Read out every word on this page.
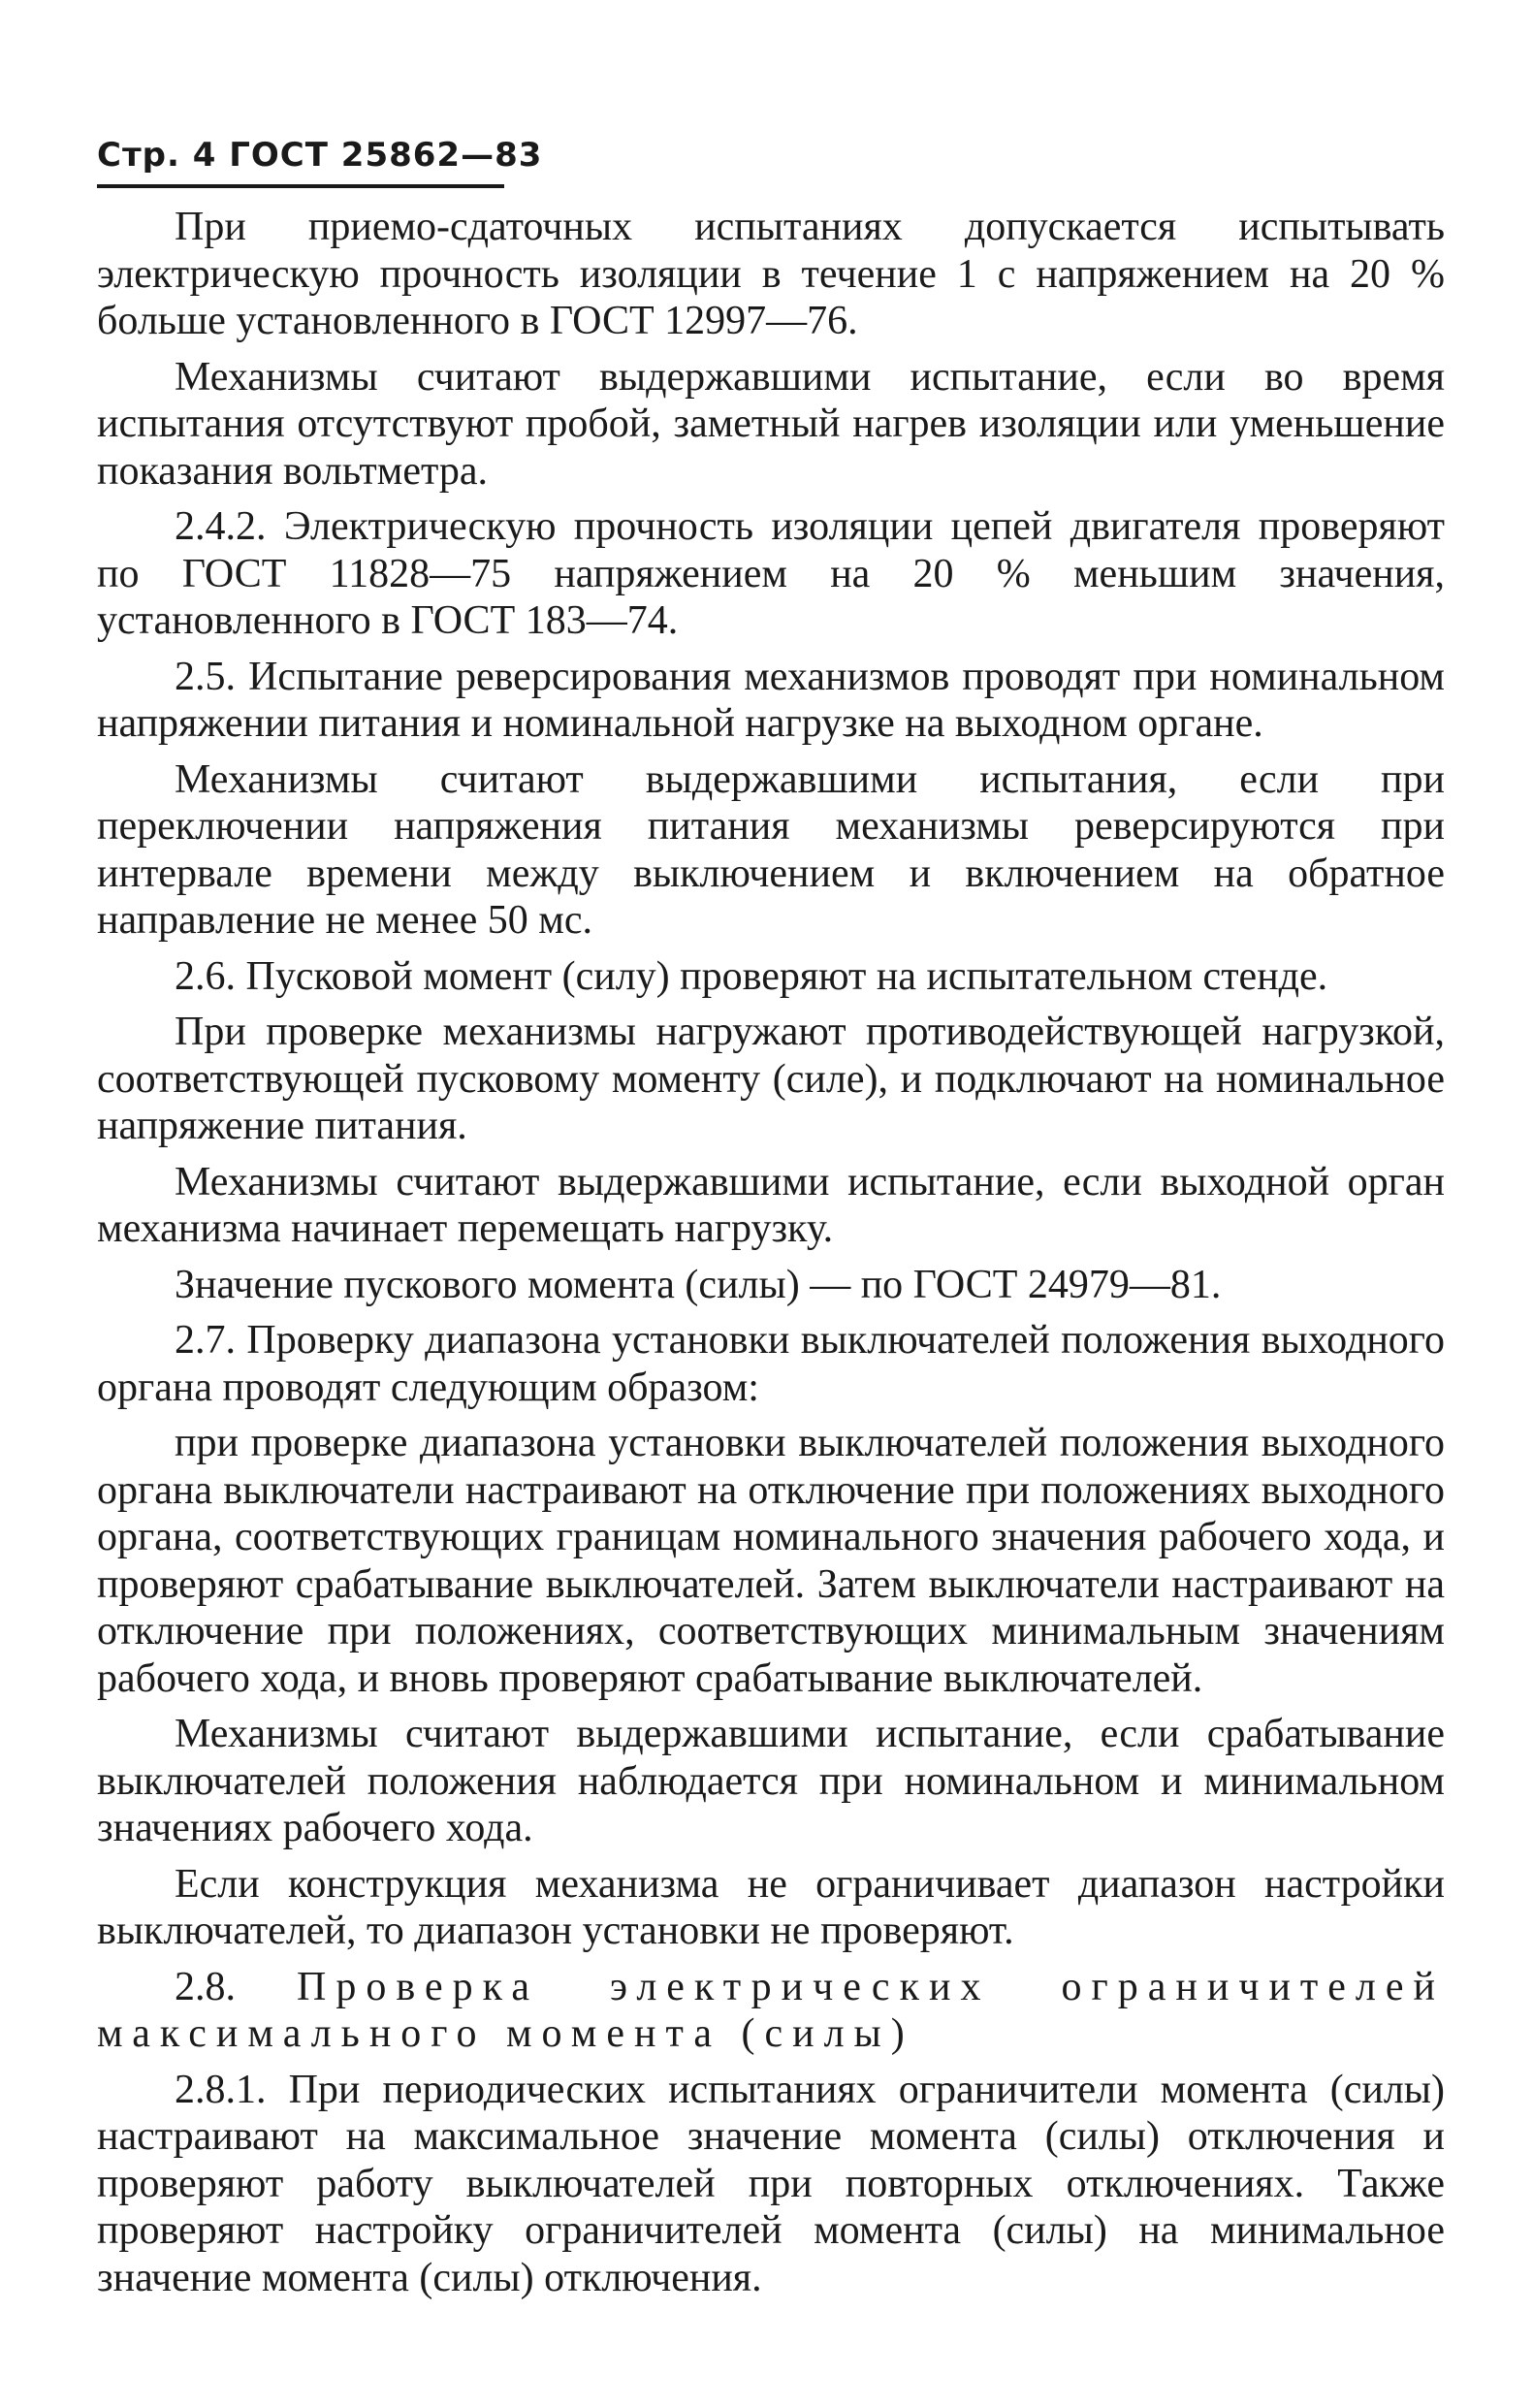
Стр. 4 ГОСТ 25862—83

При приемо-сдаточных испытаниях допускается испытывать электрическую прочность изоляции в течение 1 с напряжением на 20 % больше установленного в ГОСТ 12997—76.

Механизмы считают выдержавшими испытание, если во время испытания отсутствуют пробой, заметный нагрев изоляции или уменьшение показания вольтметра.

2.4.2. Электрическую прочность изоляции цепей двигателя проверяют по ГОСТ 11828—75 напряжением на 20 % меньшим значения, установленного в ГОСТ 183—74.

2.5. Испытание реверсирования механизмов проводят при номинальном напряжении питания и номинальной нагрузке на выходном органе.

Механизмы считают выдержавшими испытания, если при переключении напряжения питания механизмы реверсируются при интервале времени между выключением и включением на обратное направление не менее 50 мс.

2.6. Пусковой момент (силу) проверяют на испытательном стенде.

При проверке механизмы нагружают противодействующей нагрузкой, соответствующей пусковому моменту (силе), и подключают на номинальное напряжение питания.

Механизмы считают выдержавшими испытание, если выходной орган механизма начинает перемещать нагрузку.

Значение пускового момента (силы) — по ГОСТ 24979—81.

2.7. Проверку диапазона установки выключателей положения выходного органа проводят следующим образом:

при проверке диапазона установки выключателей положения выходного органа выключатели настраивают на отключение при положениях выходного органа, соответствующих границам номинального значения рабочего хода, и проверяют срабатывание выключателей. Затем выключатели настраивают на отключение при положениях, соответствующих минимальным значениям рабочего хода, и вновь проверяют срабатывание выключателей.

Механизмы считают выдержавшими испытание, если срабатывание выключателей положения наблюдается при номинальном и минимальном значениях рабочего хода.

Если конструкция механизма не ограничивает диапазон настройки выключателей, то диапазон установки не проверяют.

2.8. Проверка электрических ограничителей максимального момента (силы)

2.8.1. При периодических испытаниях ограничители момента (силы) настраивают на максимальное значение момента (силы) отключения и проверяют работу выключателей при повторных отключениях. Также проверяют настройку ограничителей момента (силы) на минимальное значение момента (силы) отключения.
